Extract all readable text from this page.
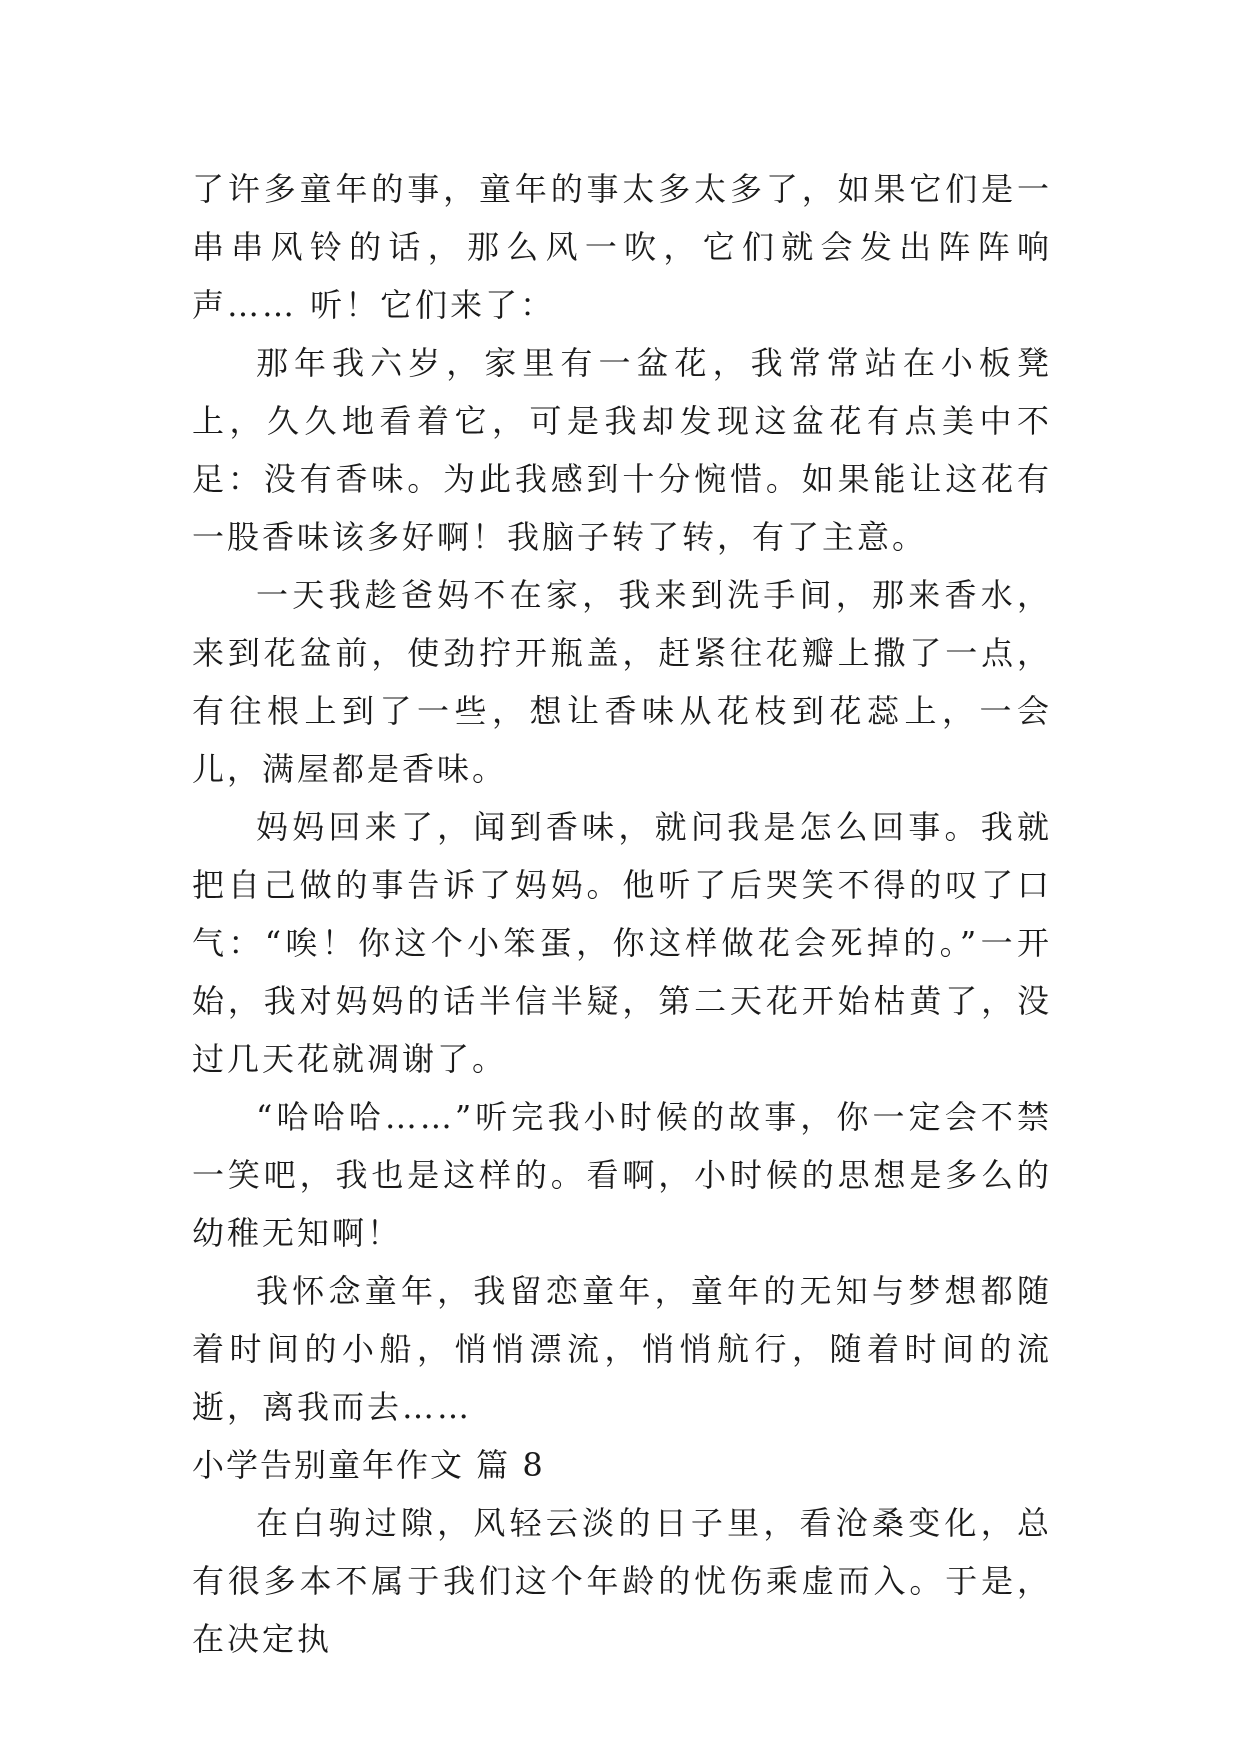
了许多童年的事，童年的事太多太多了，如果它们是一串串风铃的话，那么风一吹，它们就会发出阵阵响声…… 听！它们来了：

那年我六岁，家里有一盆花，我常常站在小板凳上，久久地看着它，可是我却发现这盆花有点美中不足：没有香味。为此我感到十分惋惜。如果能让这花有一股香味该多好啊！我脑子转了转，有了主意。

一天我趁爸妈不在家，我来到洗手间，那来香水，来到花盆前，使劲拧开瓶盖，赶紧往花瓣上撒了一点，有往根上到了一些，想让香味从花枝到花蕊上，一会儿，满屋都是香味。

妈妈回来了，闻到香味，就问我是怎么回事。我就把自己做的事告诉了妈妈。他听了后哭笑不得的叹了口气：“唉！你这个小笨蛋，你这样做花会死掉的。”一开始，我对妈妈的话半信半疑，第二天花开始枯黄了，没过几天花就凋谢了。

“哈哈哈……”听完我小时候的故事，你一定会不禁一笑吧，我也是这样的。看啊，小时候的思想是多么的幼稚无知啊！

我怀念童年，我留恋童年，童年的无知与梦想都随着时间的小船，悄悄漂流，悄悄航行，随着时间的流逝，离我而去……

小学告别童年作文 篇 8

在白驹过隙，风轻云淡的日子里，看沧桑变化，总有很多本不属于我们这个年龄的忧伤乘虚而入。于是，在决定执
